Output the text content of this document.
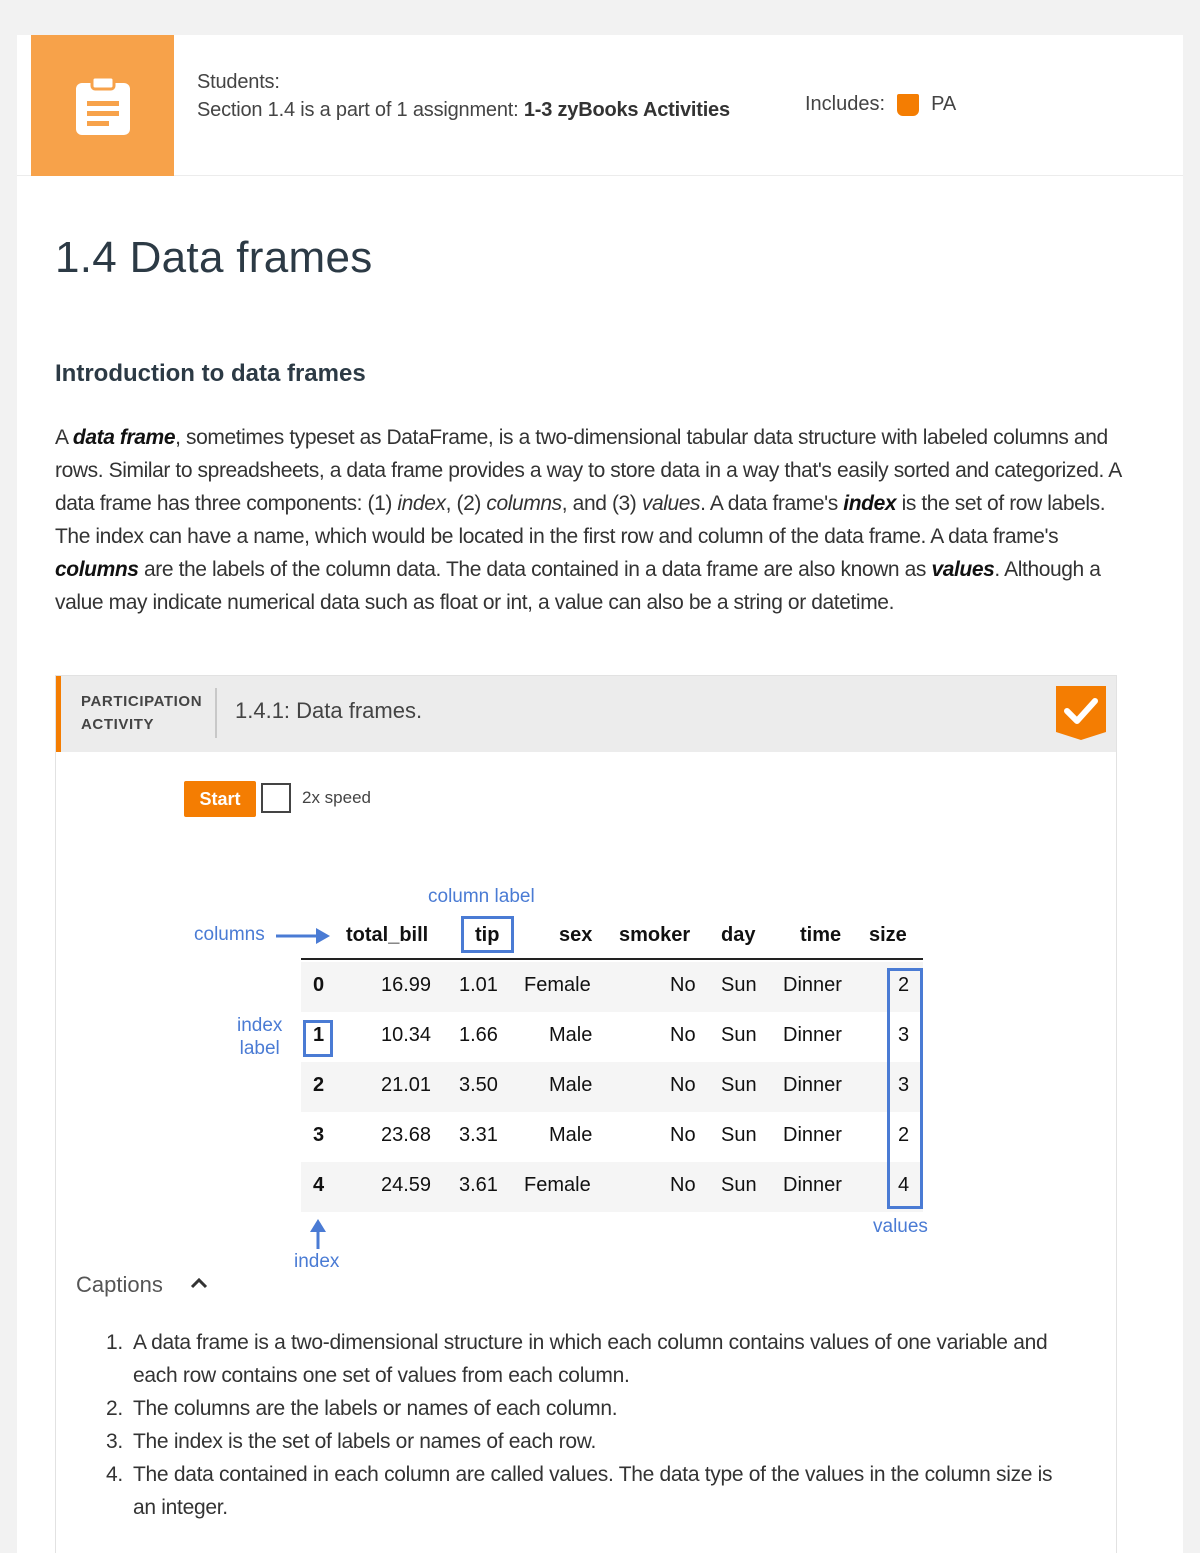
Students:
Section 1.4 is a part of 1 assignment: 1-3 zyBooks Activities	Includes: PA
1.4 Data frames
Introduction to data frames

A data frame, sometimes typeset as DataFrame, is a two-dimensional tabular data structure with labeled columns and rows. Similar to spreadsheets, a data frame provides a way to store data in a way that's easily sorted and categorized. A data frame has three components: (1) index, (2) columns, and (3) values. A data frame's index is the set of row labels. The index can have a name, which would be located in the first row and column of the data frame. A data frame's columns are the labels of the column data. The data contained in a data frame are also known as values. Although a value may indicate numerical data such as float or int, a value can also be a string or datetime.

PARTICIPATION
ACTIVITY
1.4.1: Data frames.
Start	2x speed
column label
columns	total_bill tip	sex smoker day time size
0	16.99 1.01 Female	No Sun Dinner	2
1	10.34 1.66	Male	No Sun Dinner	3
2	21.01 3.50	Male	No Sun Dinner	3
3	23.68 3.31	Male	No Sun Dinner	2
4	24.59 3.61 Female	No Sun Dinner	4
index
label
values
index
Captions
1. A data frame is a two-dimensional structure in which each column contains values of one variable and each row contains one set of values from each column.
2. The columns are the labels or names of each column.
3. The index is the set of labels or names of each row.
4. The data contained in each column are called values. The data type of the values in the column size is an integer.
